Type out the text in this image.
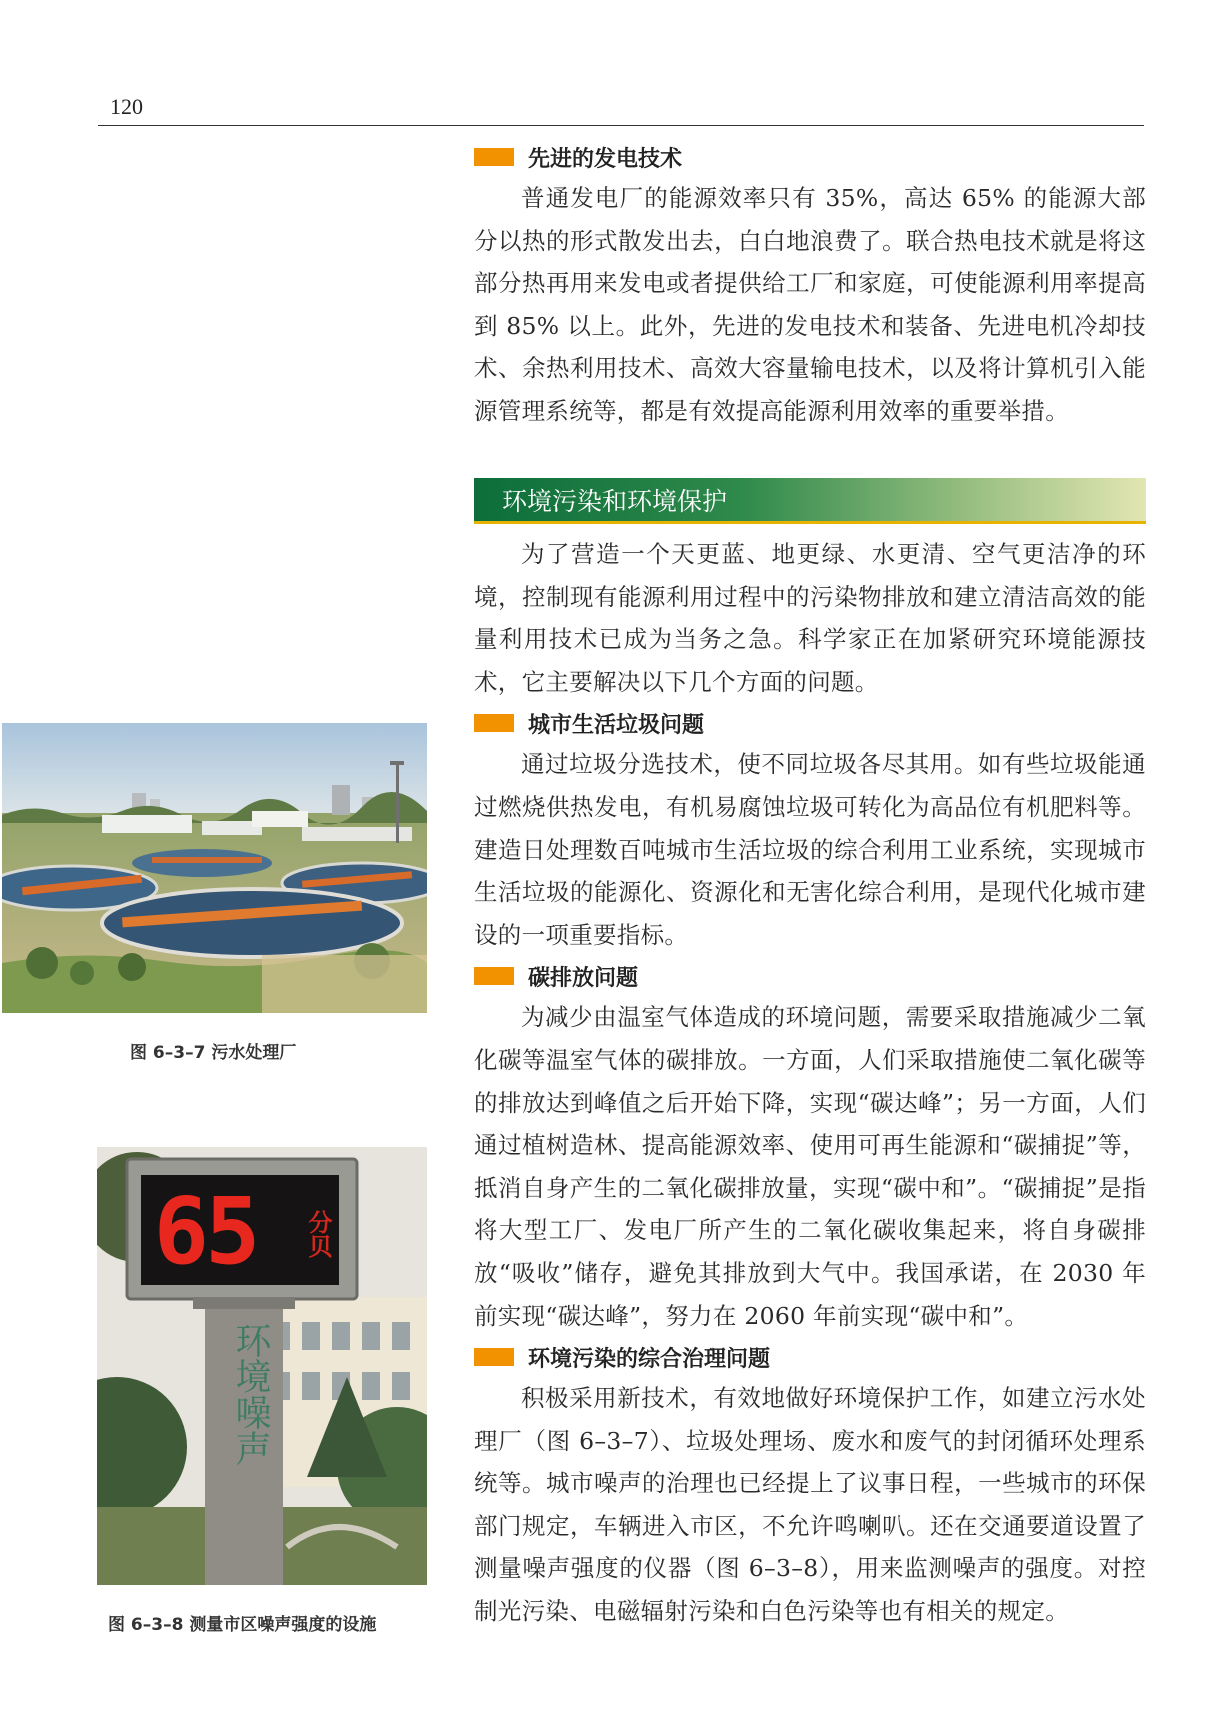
120
先进的发电技术

普通发电厂的能源效率只有 35%，高达 65% 的能源大部分以热的形式散发出去，白白地浪费了。联合热电技术就是将这部分热再用来发电或者提供给工厂和家庭，可使能源利用率提高到 85% 以上。此外，先进的发电技术和装备、先进电机冷却技术、余热利用技术、高效大容量输电技术，以及将计算机引入能源管理系统等，都是有效提高能源利用效率的重要举措。

环境污染和环境保护

为了营造一个天更蓝、地更绿、水更清、空气更洁净的环境，控制现有能源利用过程中的污染物排放和建立清洁高效的能量利用技术已成为当务之急。科学家正在加紧研究环境能源技术，它主要解决以下几个方面的问题。

城市生活垃圾问题

通过垃圾分选技术，使不同垃圾各尽其用。如有些垃圾能通过燃烧供热发电，有机易腐蚀垃圾可转化为高品位有机肥料等。建造日处理数百吨城市生活垃圾的综合利用工业系统，实现城市生活垃圾的能源化、资源化和无害化综合利用，是现代化城市建设的一项重要指标。

碳排放问题

为减少由温室气体造成的环境问题，需要采取措施减少二氧化碳等温室气体的碳排放。一方面，人们采取措施使二氧化碳等的排放达到峰值之后开始下降，实现“碳达峰”；另一方面，人们通过植树造林、提高能源效率、使用可再生能源和“碳捕捉”等，抵消自身产生的二氧化碳排放量，实现“碳中和”。“碳捕捉”是指将大型工厂、发电厂所产生的二氧化碳收集起来，将自身碳排放“吸收”储存，避免其排放到大气中。我国承诺，在 2030 年前实现“碳达峰”，努力在 2060 年前实现“碳中和”。

环境污染的综合治理问题

积极采用新技术，有效地做好环境保护工作，如建立污水处理厂（图 6–3–7）、垃圾处理场、废水和废气的封闭循环处理系统等。城市噪声的治理也已经提上了议事日程，一些城市的环保部门规定，车辆进入市区，不允许鸣喇叭。还在交通要道设置了测量噪声强度的仪器（图 6–3–8），用来监测噪声的强度。对控制光污染、电磁辐射污染和白色污染等也有相关的规定。

图 6–3–7 污水处理厂
65	分贝
环境噪声
图 6–3–8 测量市区噪声强度的设施
